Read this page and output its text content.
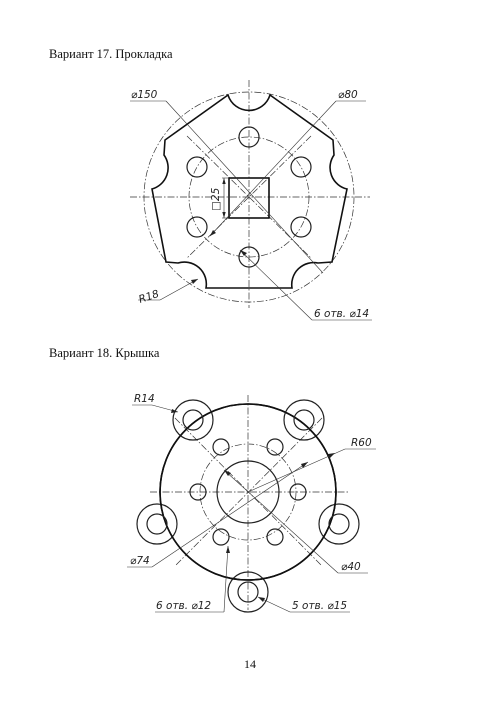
Вариант 17. Прокладка
Вариант 18. Крышка
14
□25
⌀150	⌀80
R18
6 отв. ⌀14
R14
R60
⌀74	⌀40
6 отв. ⌀12	5 отв. ⌀15
